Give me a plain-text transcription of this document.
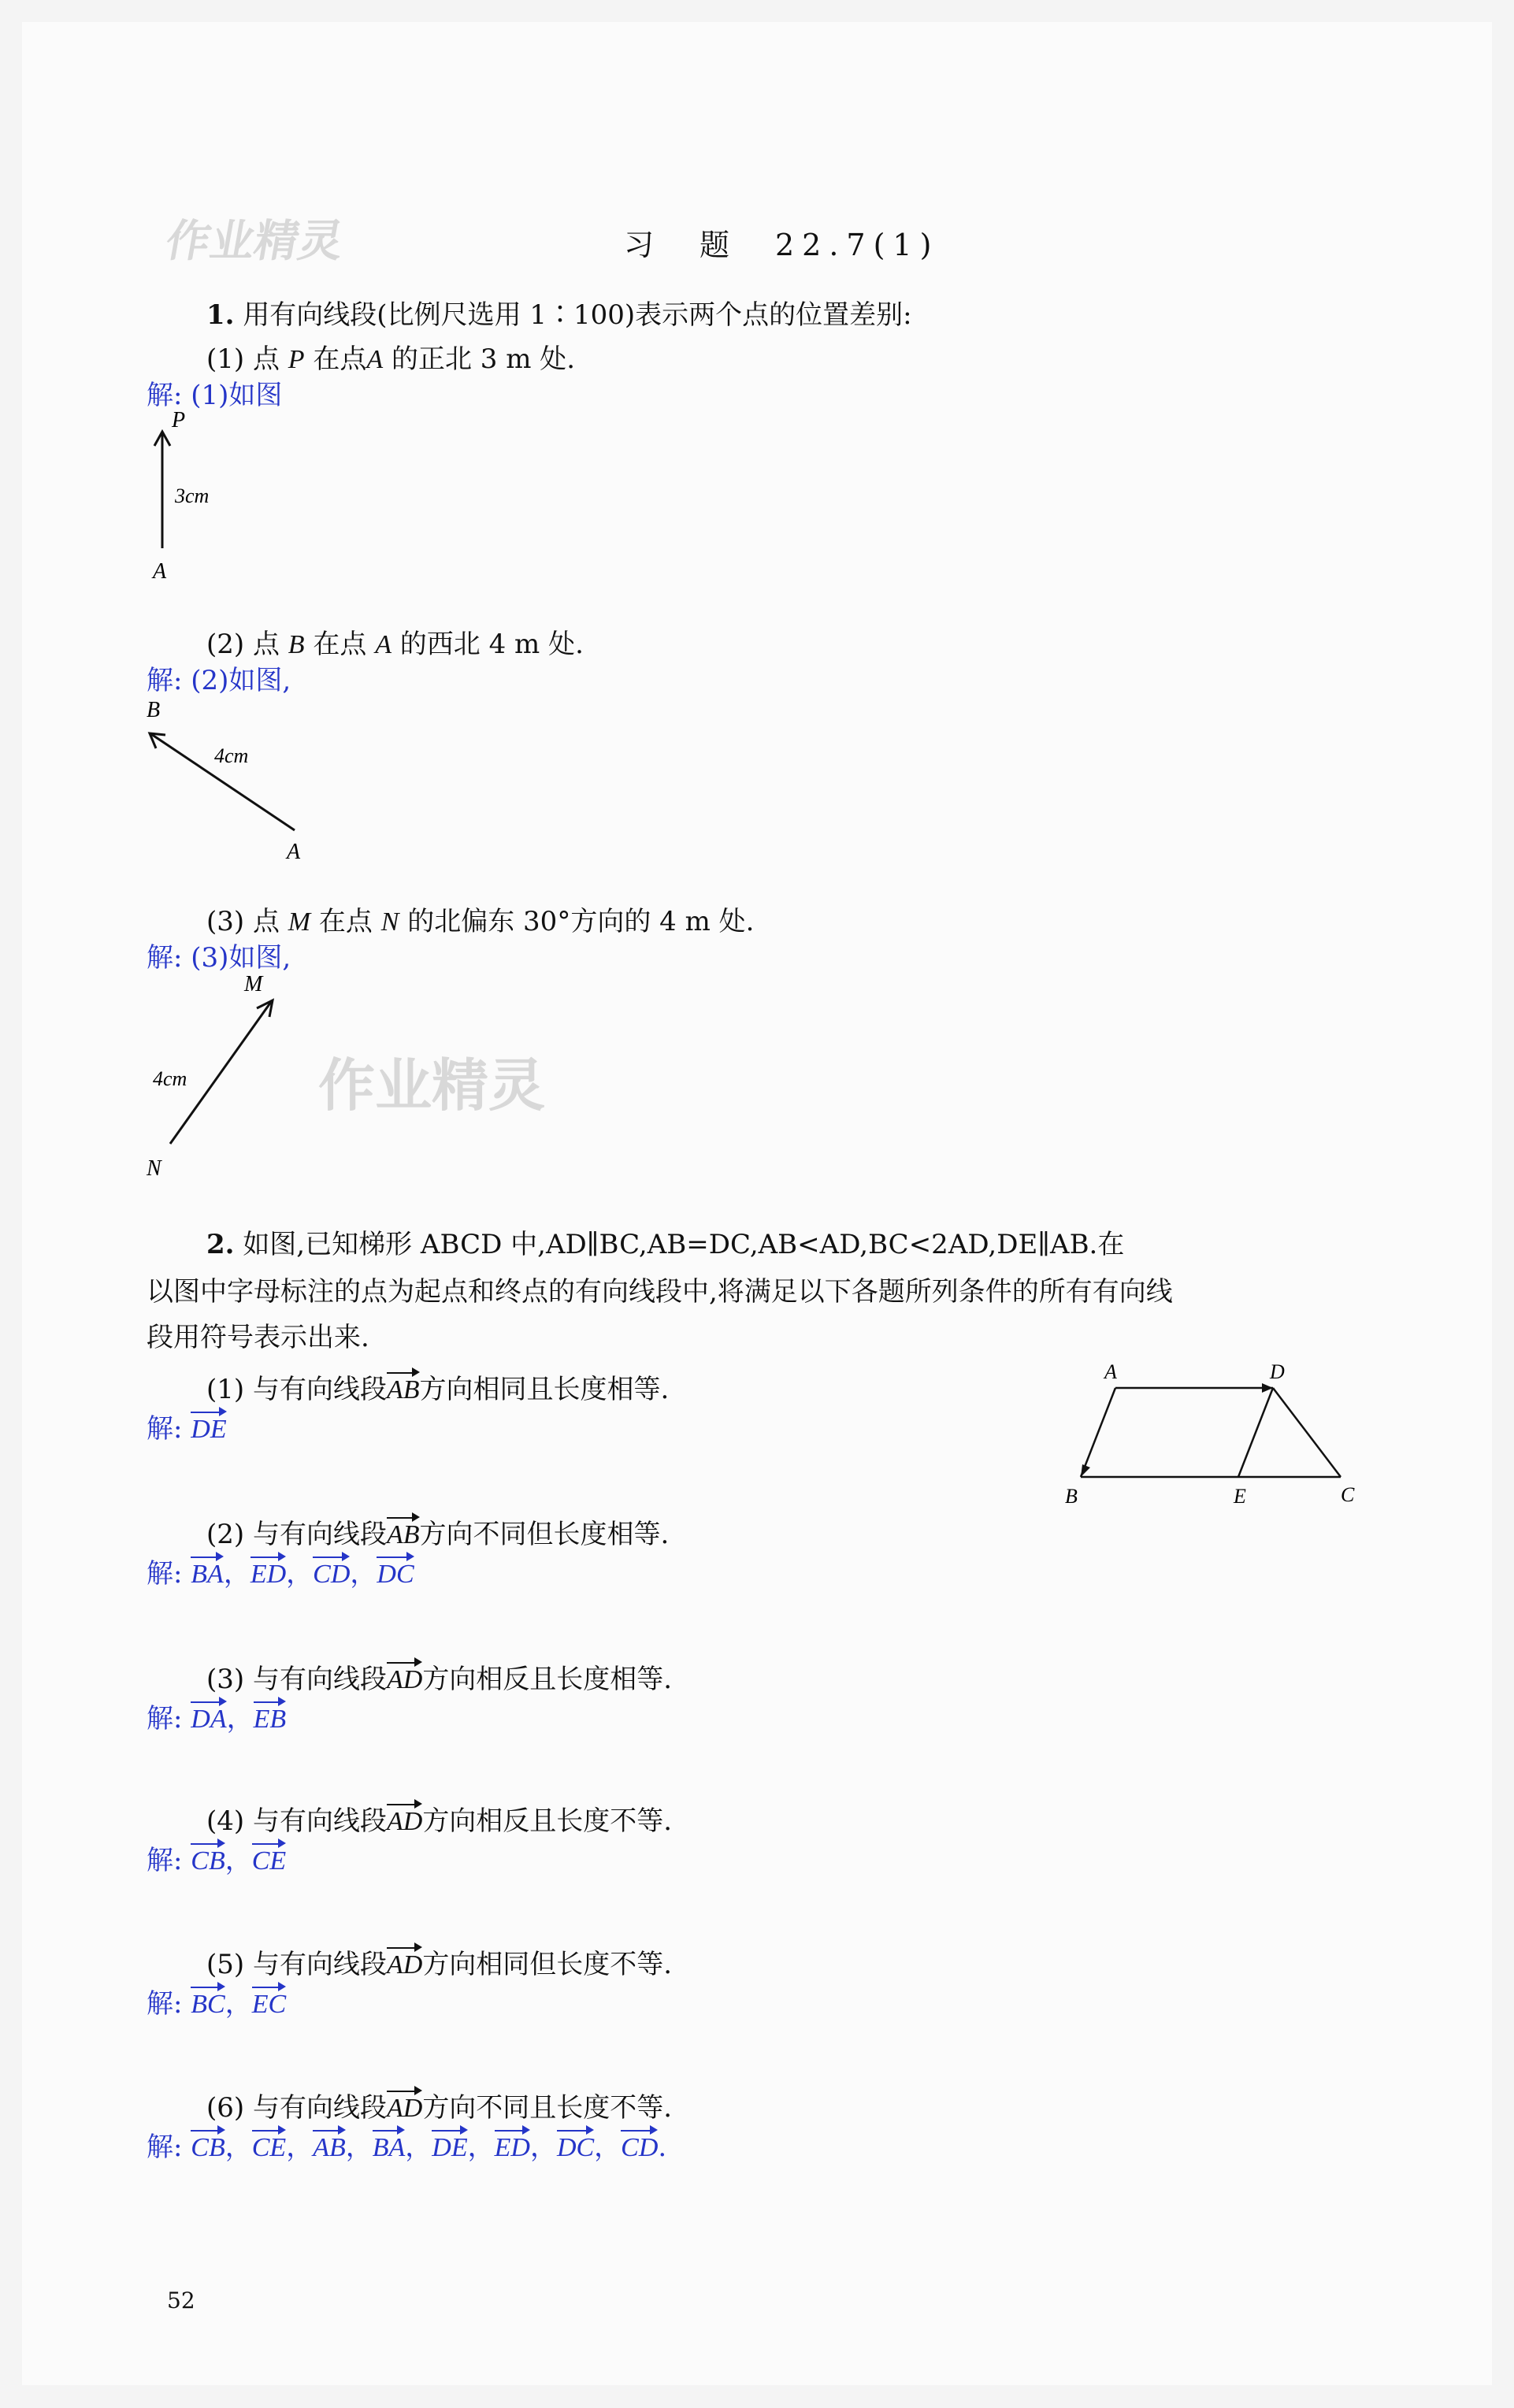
作业精灵
作业精灵
习　题　22.7(1)
1. 用有向线段(比例尺选用 1∶100)表示两个点的位置差别:
(1) 点 P 在点A 的正北 3 m 处.
解: (1)如图
P
A
3cm
(2) 点 B 在点 A 的西北 4 m 处.
解: (2)如图,
B
A
4cm
(3) 点 M 在点 N 的北偏东 30°方向的 4 m 处.
解: (3)如图,
M
N
4cm
2. 如图,已知梯形 ABCD 中,AD∥BC,AB=DC,AB<AD,BC<2AD,DE∥AB.在
以图中字母标注的点为起点和终点的有向线段中,将满足以下各题所列条件的所有有向线
段用符号表示出来.
A	D
B	E	C
(1) 与有向线段AB方向相同且长度相等.
解: DE
(2) 与有向线段AB方向不同但长度相等.
解: BA，ED，CD，DC
(3) 与有向线段AD方向相反且长度相等.
解: DA，EB
(4) 与有向线段AD方向相反且长度不等.
解: CB，CE
(5) 与有向线段AD方向相同但长度不等.
解: BC，EC
(6) 与有向线段AD方向不同且长度不等.
解: CB，CE，AB，BA，DE，ED，DC，CD.
52
